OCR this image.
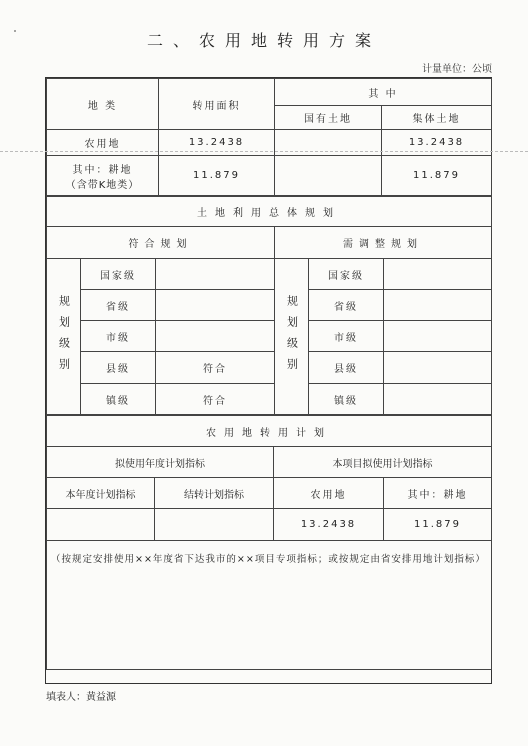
二、农用地转用方案
计量单位：公顷
地 类	转用面积	其 中	
		国有土地	集体土地
农用地	13.2438		13.2438

其中：耕地
（含带K地类）	11.879		11.879
土地利用总体规划					
符合规划			需调整规划		

规划级别	国家级		规划级别	国家级	
	省级			省级	
	市级			市级	
	县级	符合		县级	
	镇级	符合		镇级	
农用地转用计划			
拟使用年度计划指标		本项目拟使用计划指标	
本年度计划指标	结转计划指标	农用地	其中：耕地
		13.2438	11.879
（按规定安排使用××年度省下达我市的××项目专项指标；或按规定由省安排用地计划指标）			
填表人：黄益源
